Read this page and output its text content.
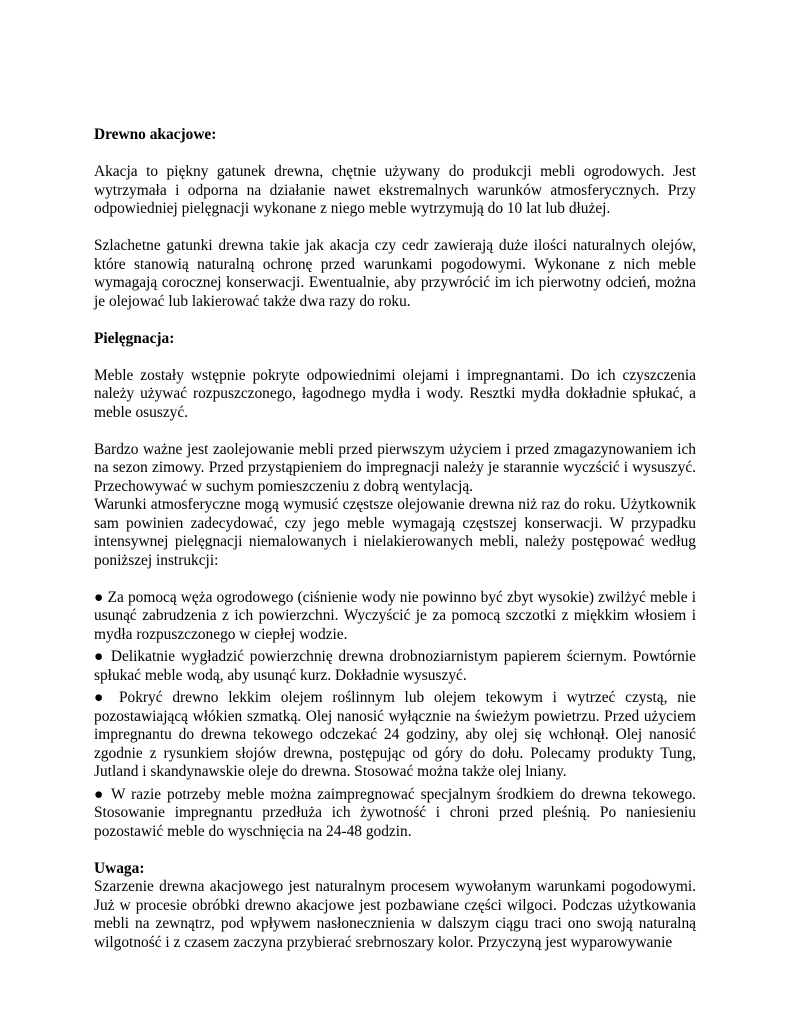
Drewno akacjowe:

Akacja to piękny gatunek drewna, chętnie używany do produkcji mebli ogrodowych. Jest wytrzymała i odporna na działanie nawet ekstremalnych warunków atmosferycznych. Przy odpowiedniej pielęgnacji wykonane z niego meble wytrzymują do 10 lat lub dłużej.

Szlachetne gatunki drewna takie jak akacja czy cedr zawierają duże ilości naturalnych olejów, które stanowią naturalną ochronę przed warunkami pogodowymi. Wykonane z nich meble wymagają corocznej konserwacji. Ewentualnie, aby przywrócić im ich pierwotny odcień, można je olejować lub lakierować także dwa razy do roku.

Pielęgnacja:

Meble zostały wstępnie pokryte odpowiednimi olejami i impregnantami. Do ich czyszczenia należy używać rozpuszczonego, łagodnego mydła i wody. Resztki mydła dokładnie spłukać, a meble osuszyć.

Bardzo ważne jest zaolejowanie mebli przed pierwszym użyciem i przed zmagazynowaniem ich na sezon zimowy. Przed przystąpieniem do impregnacji należy je starannie wyczścić i wysuszyć. Przechowywać w suchym pomieszczeniu z dobrą wentylacją.

Warunki atmosferyczne mogą wymusić częstsze olejowanie drewna niż raz do roku. Użytkownik sam powinien zadecydować, czy jego meble wymagają częstszej konserwacji. W przypadku intensywnej pielęgnacji niemalowanych i nielakierowanych mebli, należy postępować według poniższej instrukcji:

● Za pomocą węża ogrodowego (ciśnienie wody nie powinno być zbyt wysokie) zwilżyć meble i usunąć zabrudzenia z ich powierzchni. Wyczyścić je za pomocą szczotki z miękkim włosiem i mydła rozpuszczonego w ciepłej wodzie.

● Delikatnie wygładzić powierzchnię drewna drobnoziarnistym papierem ściernym. Powtórnie spłukać meble wodą, aby usunąć kurz. Dokładnie wysuszyć.

● Pokryć drewno lekkim olejem roślinnym lub olejem tekowym i wytrzeć czystą, nie pozostawiającą włókien szmatką. Olej nanosić wyłącznie na świeżym powietrzu. Przed użyciem impregnantu do drewna tekowego odczekać 24 godziny, aby olej się wchłonął. Olej nanosić zgodnie z rysunkiem słojów drewna, postępując od góry do dołu. Polecamy produkty Tung, Jutland i skandynawskie oleje do drewna. Stosować można także olej lniany.

● W razie potrzeby meble można zaimpregnować specjalnym środkiem do drewna tekowego. Stosowanie impregnantu przedłuża ich żywotność i chroni przed pleśnią. Po naniesieniu pozostawić meble do wyschnięcia na 24-48 godzin.

Uwaga:

Szarzenie drewna akacjowego jest naturalnym procesem wywołanym warunkami pogodowymi. Już w procesie obróbki drewno akacjowe jest pozbawiane części wilgoci. Podczas użytkowania mebli na zewnątrz, pod wpływem nasłonecznienia w dalszym ciągu traci ono swoją naturalną wilgotność i z czasem zaczyna przybierać srebrnoszary kolor. Przyczyną jest wyparowywanie
